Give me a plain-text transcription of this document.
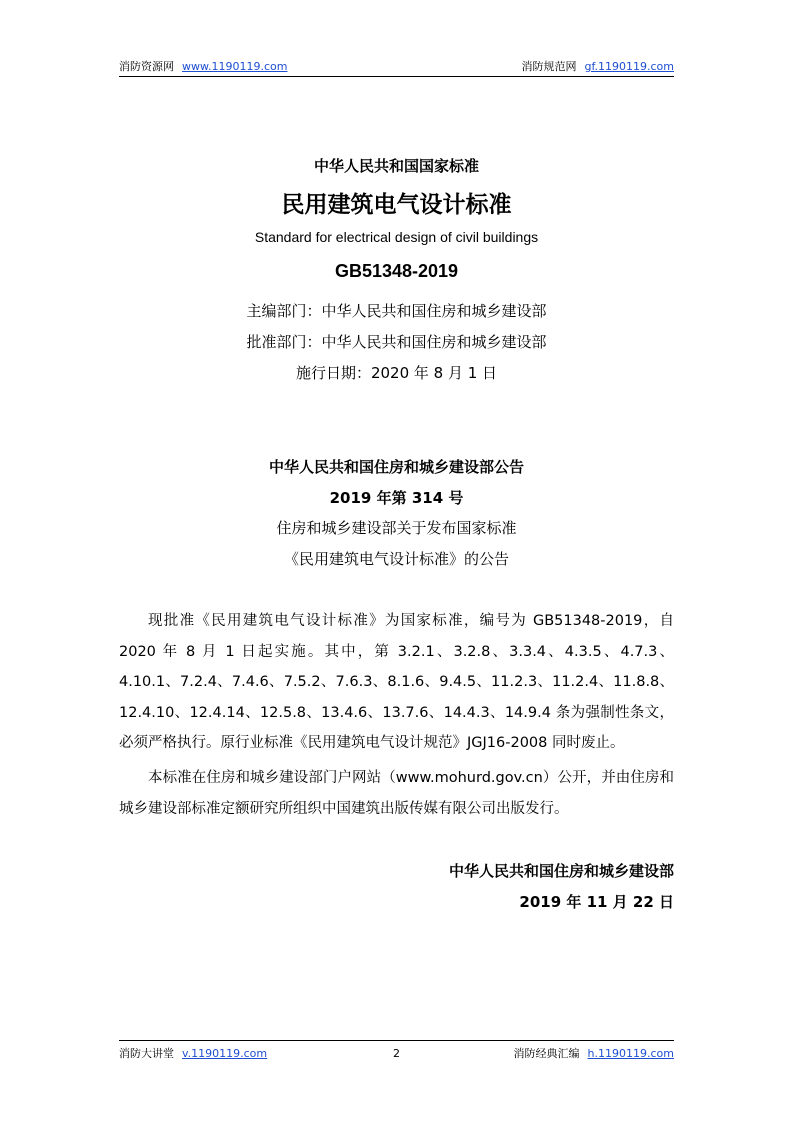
消防资源网 www.1190119.com	消防规范网 gf.1190119.com
中华人民共和国国家标准
民用建筑电气设计标准
Standard for electrical design of civil buildings
GB51348-2019
主编部门：中华人民共和国住房和城乡建设部
批准部门：中华人民共和国住房和城乡建设部
施行日期：2020 年 8 月 1 日
中华人民共和国住房和城乡建设部公告
2019 年第 314 号
住房和城乡建设部关于发布国家标准
《民用建筑电气设计标准》的公告

现批准《民用建筑电气设计标准》为国家标准，编号为 GB51348-2019，自2020 年 8 月 1 日起实施。其中，第 3.2.1、3.2.8、3.3.4、4.3.5、4.7.3、4.10.1、7.2.4、7.4.6、7.5.2、7.6.3、8.1.6、9.4.5、11.2.3、11.2.4、11.8.8、12.4.10、12.4.14、12.5.8、13.4.6、13.7.6、14.4.3、14.9.4 条为强制性条文，必须严格执行。原行业标准《民用建筑电气设计规范》JGJ16-2008 同时废止。

本标准在住房和城乡建设部门户网站（www.mohurd.gov.cn）公开，并由住房和城乡建设部标准定额研究所组织中国建筑出版传媒有限公司出版发行。

中华人民共和国住房和城乡建设部
2019 年 11 月 22 日
消防大讲堂 v.1190119.com	2	消防经典汇编 h.1190119.com
